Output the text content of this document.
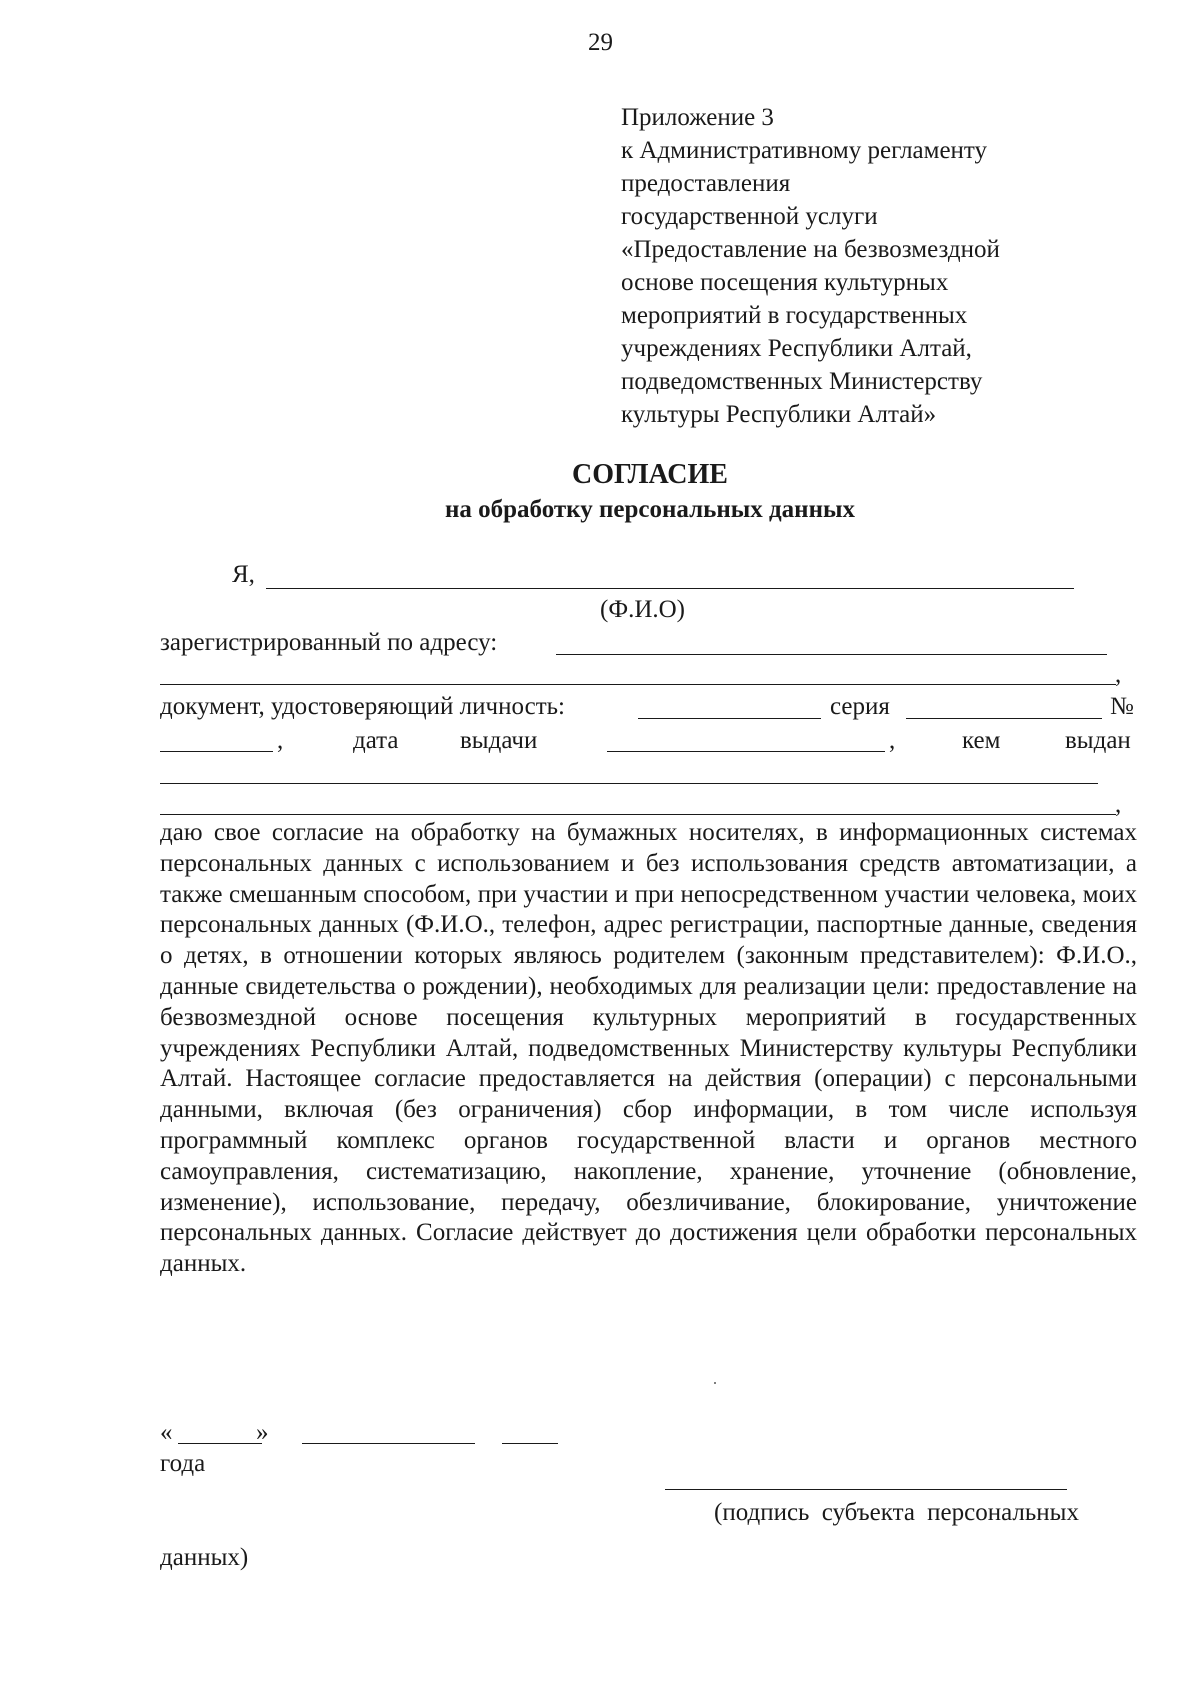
29
Приложение 3
к Административному регламенту
предоставления
государственной услуги
«Предоставление на безвозмездной
основе посещения культурных
мероприятий в государственных
учреждениях Республики Алтай,
подведомственных Министерству
культуры Республики Алтай»
СОГЛАСИЕ
на обработку персональных данных
Я,
(Ф.И.О)
зарегистрированный по адресу:
,
документ, удостоверяющий личность:	серия	№
,	дата выдачи	,	кем	выдан
,
даю свое согласие на обработку на бумажных носителях, в информационных системах персональных данных с использованием и без использования средств автоматизации, а также смешанным способом, при участии и при непосредственном участии человека, моих персональных данных (Ф.И.О., телефон, адрес регистрации, паспортные данные, сведения о детях, в отношении которых являюсь родителем (законным представителем): Ф.И.О., данные свидетельства о рождении), необходимых для реализации цели: предоставление на безвозмездной основе посещения культурных мероприятий в государственных учреждениях Республики Алтай, подведомственных Министерству культуры Республики Алтай. Настоящее согласие предоставляется на действия (операции) с персональными данными, включая (без ограничения) сбор информации, в том числе используя программный комплекс органов государственной власти и органов местного самоуправления, систематизацию, накопление, хранение, уточнение (обновление, изменение), использование, передачу, обезличивание, блокирование, уничтожение персональных данных. Согласие действует до достижения цели обработки персональных данных.
«	»
года
(подпись субъекта персональных
данных)
